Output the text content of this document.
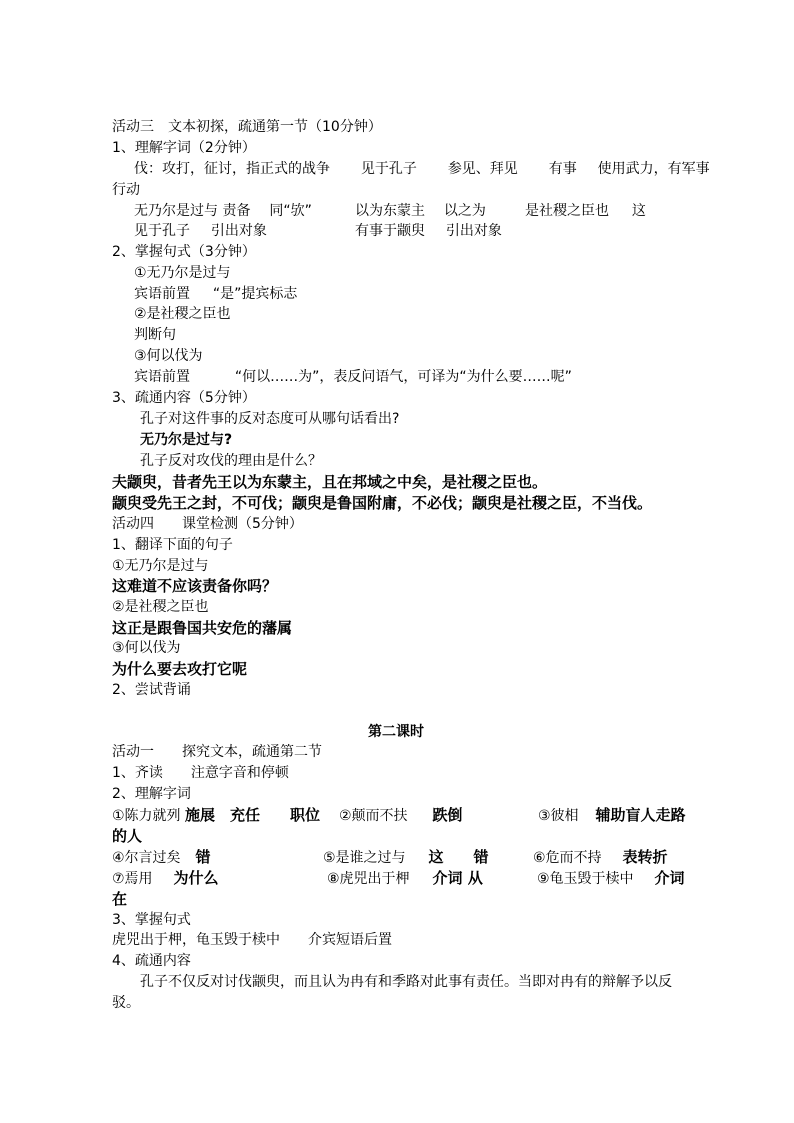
活动三　文本初探，疏通第一节（10分钟）
1、理解字词（2分钟）
伐：攻打，征讨，指正式的战争 见于孔子 参见、拜见 有事 使用武力，有军事
行动
无乃尔是过与 责备 同“欤”	以为东蒙主 以之为	是社稷之臣也 这
见于孔子 引出对象	有事于颛臾 引出对象
2、掌握句式（3分钟）
①无乃尔是过与
宾语前置 “是”提宾标志
②是社稷之臣也
判断句
③何以伐为
宾语前置	“何以……为”，表反问语气，可译为“为什么要……呢”
3、疏通内容（5分钟）
孔子对这件事的反对态度可从哪句话看出?
无乃尔是过与?
孔子反对攻伐的理由是什么？
夫颛臾，昔者先王以为东蒙主，且在邦域之中矣，是社稷之臣也。
颛臾受先王之封，不可伐；颛臾是鲁国附庸，不必伐；颛臾是社稷之臣，不当伐。
活动四　　课堂检测（5分钟）
1、翻译下面的句子
①无乃尔是过与
这难道不应该责备你吗？
②是社稷之臣也
这正是跟鲁国共安危的藩属
③何以伐为
为什么要去攻打它呢
2、尝试背诵
第二课时
活动一　　探究文本，疏通第二节
1、齐读　　注意字音和停顿
2、理解字词
①陈力就列 施展　充任　　职位 ②颠而不扶 跌倒	③彼相 辅助盲人走路
的人
④尔言过矣 错	⑤是谁之过与 这　　错	⑥危而不持 表转折
⑦焉用 为什么	⑧虎兕出于柙 介词 从	⑨龟玉毁于椟中 介词
在
3、掌握句式
虎兕出于柙，龟玉毁于椟中　　介宾短语后置
4、疏通内容
孔子不仅反对讨伐颛臾，而且认为冉有和季路对此事有责任。当即对冉有的辩解予以反
驳。
